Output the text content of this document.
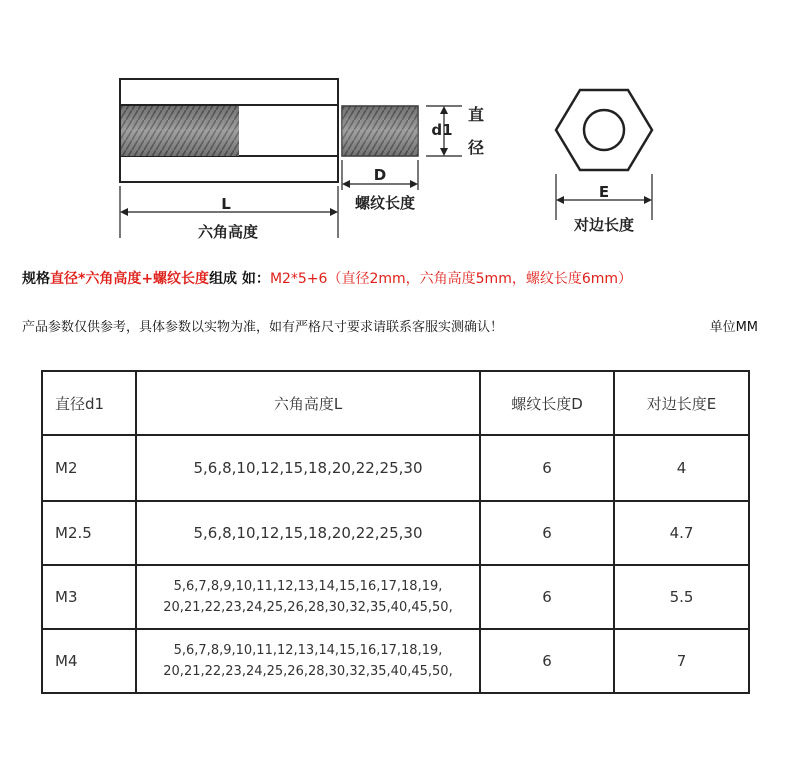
d1
直
径
D
螺纹长度
L
六角高度
E
对边长度
规格直径*六角高度+螺纹长度组成 如：M2*5+6（直径2mm，六角高度5mm，螺纹长度6mm）
产品参数仅供参考，具体参数以实物为准，如有严格尺寸要求请联系客服实测确认！	单位MM
直径d1	六角高度L	螺纹长度D	对边长度E
M2	5,6,8,10,12,15,18,20,22,25,30	6	4
M2.5	5,6,8,10,12,15,18,20,22,25,30	6	4.7
M3	5,6,7,8,9,10,11,12,13,14,15,16,17,18,19,
20,21,22,23,24,25,26,28,30,32,35,40,45,50,	6	5.5
M4	5,6,7,8,9,10,11,12,13,14,15,16,17,18,19,
20,21,22,23,24,25,26,28,30,32,35,40,45,50,	6	7
